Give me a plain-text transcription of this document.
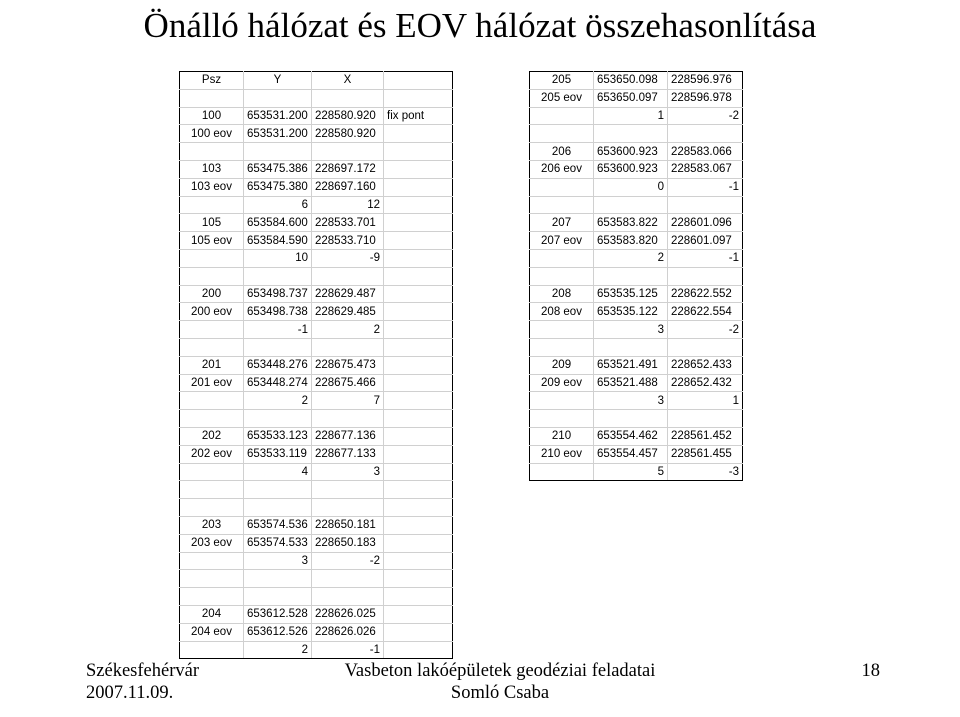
Önálló hálózat és EOV hálózat összehasonlítása
Psz	Y	X	

100	653531.200	228580.920	fix pont
100 eov	653531.200	228580.920	

103	653475.386	228697.172	
103 eov	653475.380	228697.160	
	6	12	
105	653584.600	228533.701	
105 eov	653584.590	228533.710	
	10	-9	

200	653498.737	228629.487	
200 eov	653498.738	228629.485	
	-1	2	

201	653448.276	228675.473	
201 eov	653448.274	228675.466	
	2	7	

202	653533.123	228677.136	
202 eov	653533.119	228677.133	
	4	3	

203	653574.536	228650.181	
203 eov	653574.533	228650.183	
	3	-2	

204	653612.528	228626.025	
204 eov	653612.526	228626.026	
	2	-1	
205	653650.098	228596.976
205 eov	653650.097	228596.978
	1	-2

206	653600.923	228583.066
206 eov	653600.923	228583.067
	0	-1

207	653583.822	228601.096
207 eov	653583.820	228601.097
	2	-1

208	653535.125	228622.552
208 eov	653535.122	228622.554
	3	-2

209	653521.491	228652.433
209 eov	653521.488	228652.432
	3	1

210	653554.462	228561.452
210 eov	653554.457	228561.455
	5	-3
Székesfehérvár
2007.11.09.
Vasbeton lakóépületek geodéziai feladatai
Somló Csaba
18
